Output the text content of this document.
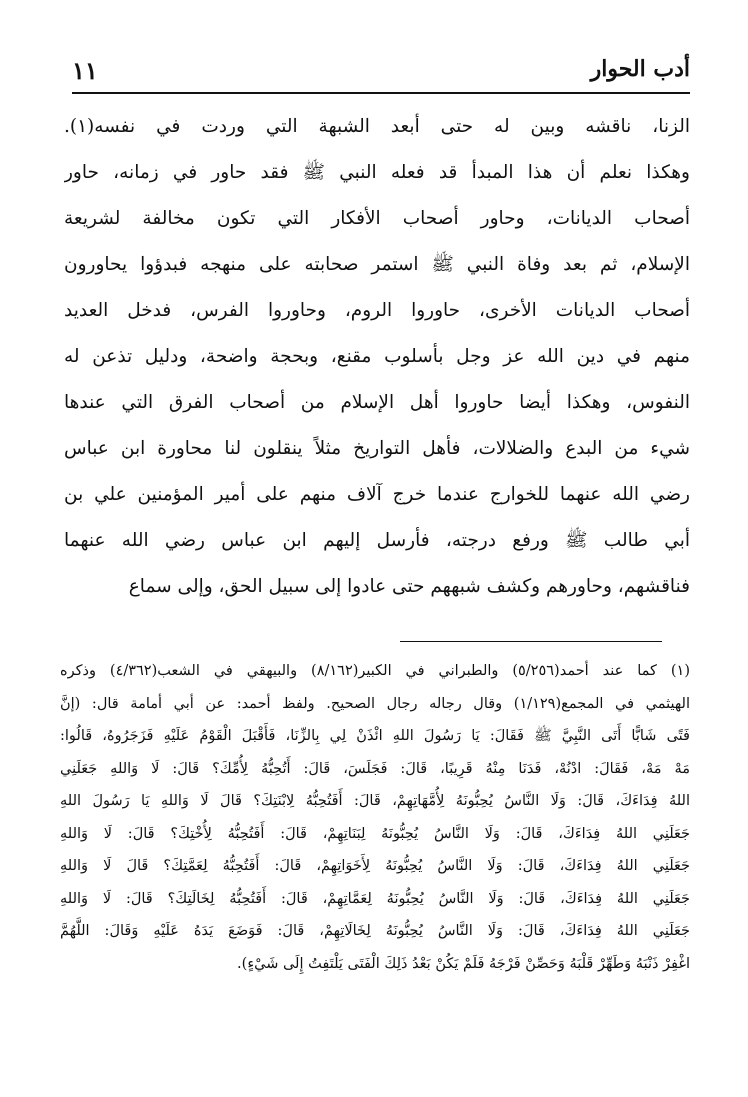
أدب الحوار
١١
الزنا، ناقشه وبين له حتى أبعد الشبهة التي وردت في نفسه(١).
وهكذا نعلم أن هذا المبدأ قد فعله النبي ﷺ فقد حاور في زمانه، حاور
أصحاب الديانات، وحاور أصحاب الأفكار التي تكون مخالفة لشريعة
الإسلام، ثم بعد وفاة النبي ﷺ استمر صحابته على منهجه فبدؤوا يحاورون
أصحاب الديانات الأخرى، حاوروا الروم، وحاوروا الفرس، فدخل العديد
منهم في دين الله عز وجل بأسلوب مقنع، وبحجة واضحة، ودليل تذعن له
النفوس، وهكذا أيضا حاوروا أهل الإسلام من أصحاب الفرق التي عندها
شيء من البدع والضلالات، فأهل التواريخ مثلاً ينقلون لنا محاورة ابن عباس
رضي الله عنهما للخوارج عندما خرج آلاف منهم على أمير المؤمنين علي بن
أبي طالب ﷺ ورفع درجته، فأرسل إليهم ابن عباس رضي الله عنهما
فناقشهم، وحاورهم وكشف شبههم حتى عادوا إلى سبيل الحق، وإلى سماع
(١) كما عند أحمد(٥/٢٥٦) والطبراني في الكبير(٨/١٦٢) والبيهقي في الشعب(٤/٣٦٢) وذكره
الهيثمي في المجمع(١/١٢٩) وقال رجاله رجال الصحيح. ولفظ أحمد: عن أبي أمامة قال: (إنَّ
فَتًى شَابًّا أَتَى النَّبِيَّ ﷺ فَقَالَ: يَا رَسُولَ اللهِ ائْذَنْ لِي بِالزِّنَا، فَأَقْبَلَ الْقَوْمُ عَلَيْهِ فَزَجَرُوهُ، قَالُوا:
مَهْ مَهْ، فَقَالَ: ادْنُهْ، فَدَنَا مِنْهُ قَرِيبًا، قَالَ: فَجَلَسَ، قَالَ: أَتُحِبُّهُ لِأُمِّكَ؟ قَالَ: لَا وَاللهِ جَعَلَنِي
اللهُ فِدَاءَكَ، قَالَ: وَلَا النَّاسُ يُحِبُّونَهُ لِأُمَّهَاتِهِمْ، قَالَ: أَفَتُحِبُّهُ لِابْنَتِكَ؟ قَالَ لَا وَاللهِ يَا رَسُولَ اللهِ
جَعَلَنِي اللهُ فِدَاءَكَ، قَالَ: وَلَا النَّاسُ يُحِبُّونَهُ لِبَنَاتِهِمْ، قَالَ: أَفَتُحِبُّهُ لِأُخْتِكَ؟ قَالَ: لَا وَاللهِ
جَعَلَنِي اللهُ فِدَاءَكَ، قَالَ: وَلَا النَّاسُ يُحِبُّونَهُ لِأَخَوَاتِهِمْ، قَالَ: أَفَتُحِبُّهُ لِعَمَّتِكَ؟ قَالَ لَا وَاللهِ
جَعَلَنِي اللهُ فِدَاءَكَ، قَالَ: وَلَا النَّاسُ يُحِبُّونَهُ لِعَمَّاتِهِمْ، قَالَ: أَفَتُحِبُّهُ لِخَالَتِكَ؟ قَالَ: لَا وَاللهِ
جَعَلَنِي اللهُ فِدَاءَكَ، قَالَ: وَلَا النَّاسُ يُحِبُّونَهُ لِخَالَاتِهِمْ، قَالَ: فَوَضَعَ يَدَهُ عَلَيْهِ وَقَالَ: اللَّهُمَّ
اغْفِرْ ذَنْبَهُ وَطَهِّرْ قَلْبَهُ وَحَصِّنْ فَرْجَهُ فَلَمْ يَكُنْ بَعْدُ ذَلِكَ الْفَتَى يَلْتَفِتُ إِلَى شَيْءٍ).
